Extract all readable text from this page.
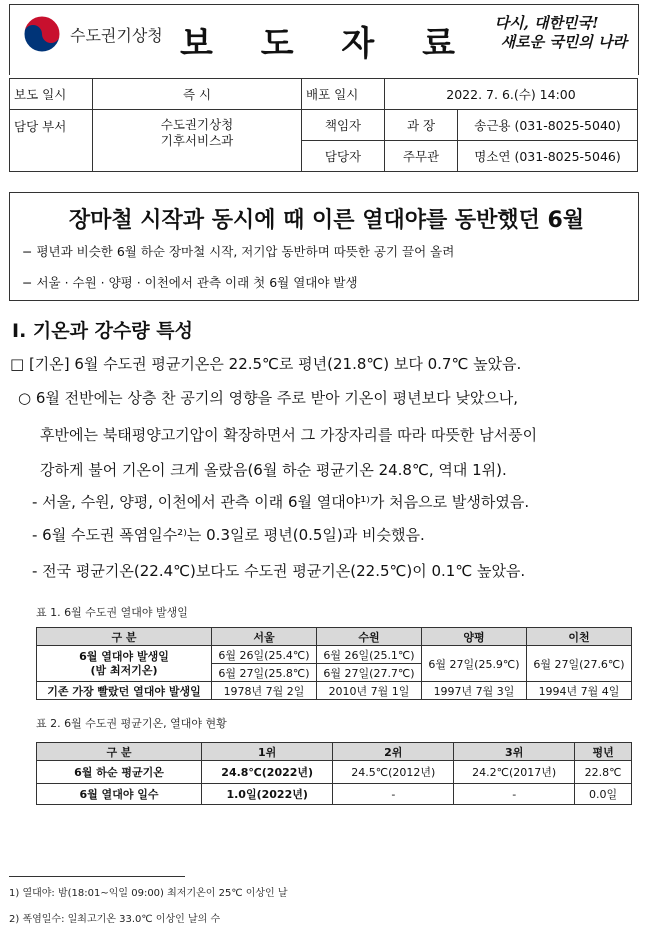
수도권기상청 보 도 자 료
다시, 대한민국!
새로운 국민의 나라
보도 일시	즉 시	배포 일시	2022. 7. 6.(수) 14:00	
담당 부서	수도권기상청
기후서비스과	책임자	과 장	송근용 (031-8025-5040)
		담당자	주무관	명소연 (031-8025-5046)
장마철 시작과 동시에 때 이른 열대야를 동반했던 6월
− 평년과 비슷한 6월 하순 장마철 시작, 저기압 동반하며 따뜻한 공기 끌어 올려
− 서울 · 수원 · 양평 · 이천에서 관측 이래 첫 6월 열대야 발생
Ⅰ. 기온과 강수량 특성
□ [기온] 6월 수도권 평균기온은 22.5℃로 평년(21.8℃) 보다 0.7℃ 높았음.
○ 6월 전반에는 상층 찬 공기의 영향을 주로 받아 기온이 평년보다 낮았으나,
후반에는 북태평양고기압이 확장하면서 그 가장자리를 따라 따뜻한 남서풍이
강하게 불어 기온이 크게 올랐음(6월 하순 평균기온 24.8℃, 역대 1위).
- 서울, 수원, 양평, 이천에서 관측 이래 6월 열대야¹⁾가 처음으로 발생하였음.
- 6월 수도권 폭염일수²⁾는 0.3일로 평년(0.5일)과 비슷했음.
- 전국 평균기온(22.4℃)보다도 수도권 평균기온(22.5℃)이 0.1℃ 높았음.
표 1. 6월 수도권 열대야 발생일
구 분	서울	수원	양평	이천

6월 열대야 발생일
(밤 최저기온)	6월 26일(25.4℃)	6월 26일(25.1℃)	6월 27일(25.9℃)	6월 27일(27.6℃)
	6월 27일(25.8℃)	6월 27일(27.7℃)		
기존 가장 빨랐던 열대야 발생일	1978년 7월 2일	2010년 7월 1일	1997년 7월 3일	1994년 7월 4일
표 2. 6월 수도권 평균기온, 열대야 현황
구 분	1위	2위	3위	평년
6월 하순 평균기온	24.8℃(2022년)	24.5℃(2012년)	24.2℃(2017년)	22.8℃
6월 열대야 일수	1.0일(2022년)	-	-	0.0일
1) 열대야: 밤(18:01~익일 09:00) 최저기온이 25℃ 이상인 날
2) 폭염일수: 일최고기온 33.0℃ 이상인 날의 수
